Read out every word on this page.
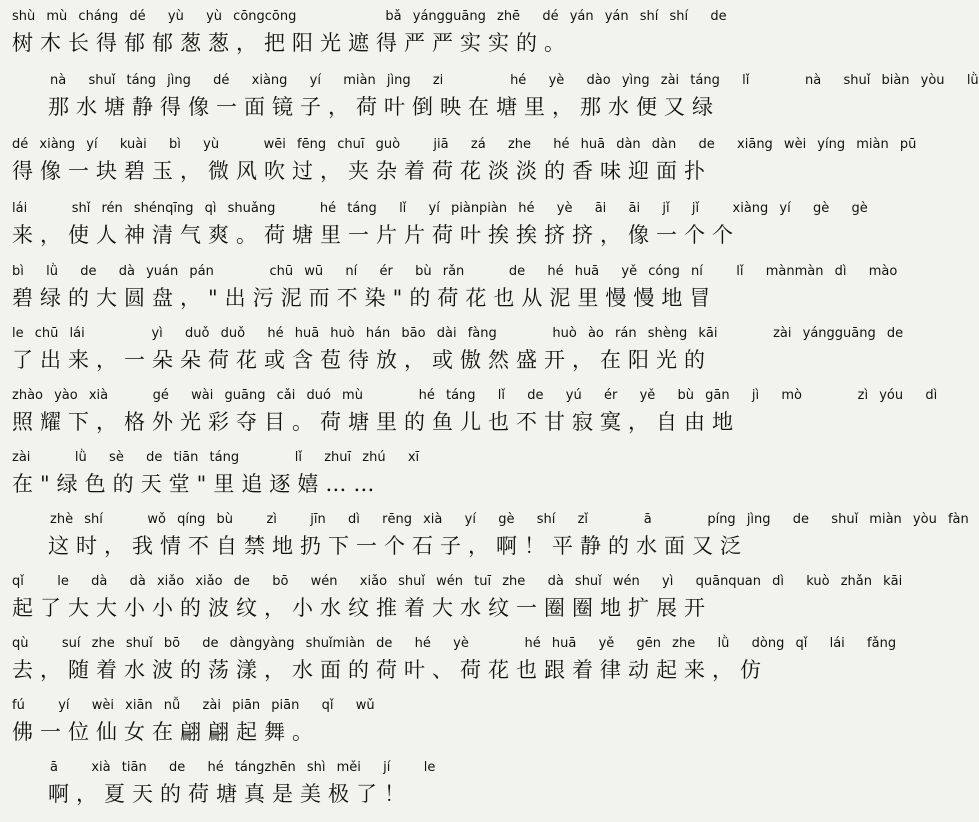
shù mù cháng dé  yù  yù cōngcōng        bǎ yángguāng zhē  dé yán yán shí shí  de
树木长得郁郁葱葱，把阳光遮得严严实实的。
nà  shuǐ táng jìng  dé  xiàng  yí  miàn jìng  zi      hé  yè  dào yìng zài táng  lǐ     nà  shuǐ biàn yòu  lǜ
那水塘静得像一面镜子，荷叶倒映在塘里，那水便又绿
dé xiàng yí  kuài  bì  yù    wēi fēng chuī guò   jiā  zá  zhe  hé huā dàn dàn  de  xiāng wèi yíng miàn pū
得像一块碧玉，微风吹过，夹杂着荷花淡淡的香味迎面扑
lái    shǐ rén shénqīng qì shuǎng    hé táng  lǐ  yí piànpiàn hé  yè  āi  āi  jǐ  jǐ   xiàng yí  gè  gè
来，使人神清气爽。荷塘里一片片荷叶挨挨挤挤，像一个个
bì  lǜ  de  dà yuán pán     chū wū  ní  ér  bù rǎn    de  hé huā  yě cóng ní   lǐ  mànmàn dì  mào
碧绿的大圆盘，"出污泥而不染"的荷花也从泥里慢慢地冒
le chū lái      yì  duǒ duǒ  hé huā huò hán bāo dài fàng     huò ào rán shèng kāi     zài yángguāng de
了出来，一朵朵荷花或含苞待放，或傲然盛开，在阳光的
zhào yào xià    gé  wài guāng cǎi duó mù     hé táng  lǐ  de  yú  ér  yě  bù gān  jì  mò     zì yóu  dì
照耀下，格外光彩夺目。荷塘里的鱼儿也不甘寂寞，自由地
zài    lǜ  sè  de tiān táng     lǐ  zhuī zhú  xī
在"绿色的天堂"里追逐嬉……
zhè shí    wǒ qíng bù   zì   jīn  dì  rēng xià  yí  gè  shí  zǐ     ā     píng jìng  de  shuǐ miàn yòu fàn
这时，我情不自禁地扔下一个石子，啊！平静的水面又泛
qǐ   le  dà  dà xiǎo xiǎo de  bō  wén  xiǎo shuǐ wén tuī zhe  dà shuǐ wén  yì  quānquan dì  kuò zhǎn kāi
起了大大小小的波纹，小水纹推着大水纹一圈圈地扩展开
qù   suí zhe shuǐ bō  de dàngyàng shuǐmiàn de  hé  yè     hé huā  yě  gēn zhe  lǜ  dòng qǐ  lái  fǎng
去，随着水波的荡漾，水面的荷叶、荷花也跟着律动起来，仿
fú   yí  wèi xiān nǚ  zài piān piān  qǐ  wǔ
佛一位仙女在翩翩起舞。
ā   xià tiān  de  hé tángzhēn shì měi  jí   le
啊，夏天的荷塘真是美极了！
